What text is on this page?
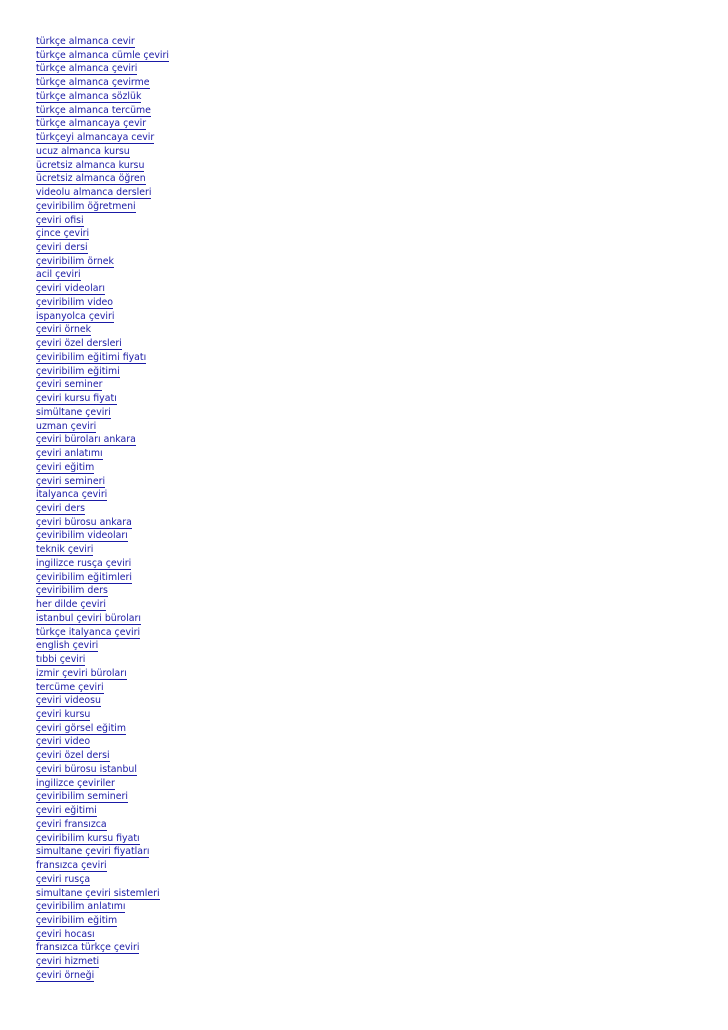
türkçe almanca cevir
türkçe almanca cümle çeviri
türkçe almanca çeviri
türkçe almanca çevirme
türkçe almanca sözlük
türkçe almanca tercüme
türkçe almancaya çevir
türkçeyi almancaya cevir
ucuz almanca kursu
ücretsiz almanca kursu
ücretsiz almanca öğren
videolu almanca dersleri
çeviribilim öğretmeni
çeviri ofisi
çince çeviri
çeviri dersi
çeviribilim örnek
acil çeviri
çeviri videoları
çeviribilim video
ispanyolca çeviri
çeviri örnek
çeviri özel dersleri
çeviribilim eğitimi fiyatı
çeviribilim eğitimi
çeviri seminer
çeviri kursu fiyatı
simültane çeviri
uzman çeviri
çeviri büroları ankara
çeviri anlatımı
çeviri eğitim
çeviri semineri
italyanca çeviri
çeviri ders
çeviri bürosu ankara
çeviribilim videoları
teknik çeviri
ingilizce rusça çeviri
çeviribilim eğitimleri
çeviribilim ders
her dilde çeviri
istanbul çeviri büroları
türkçe italyanca çeviri
english çeviri
tıbbi çeviri
izmir çeviri büroları
tercüme çeviri
çeviri videosu
çeviri kursu
çeviri görsel eğitim
çeviri video
çeviri özel dersi
çeviri bürosu istanbul
ingilizce çeviriler
çeviribilim semineri
çeviri eğitimi
çeviri fransızca
çeviribilim kursu fiyatı
simultane çeviri fiyatları
fransızca çeviri
çeviri rusça
simultane çeviri sistemleri
çeviribilim anlatımı
çeviribilim eğitim
çeviri hocası
fransızca türkçe çeviri
çeviri hizmeti
çeviri örneği
